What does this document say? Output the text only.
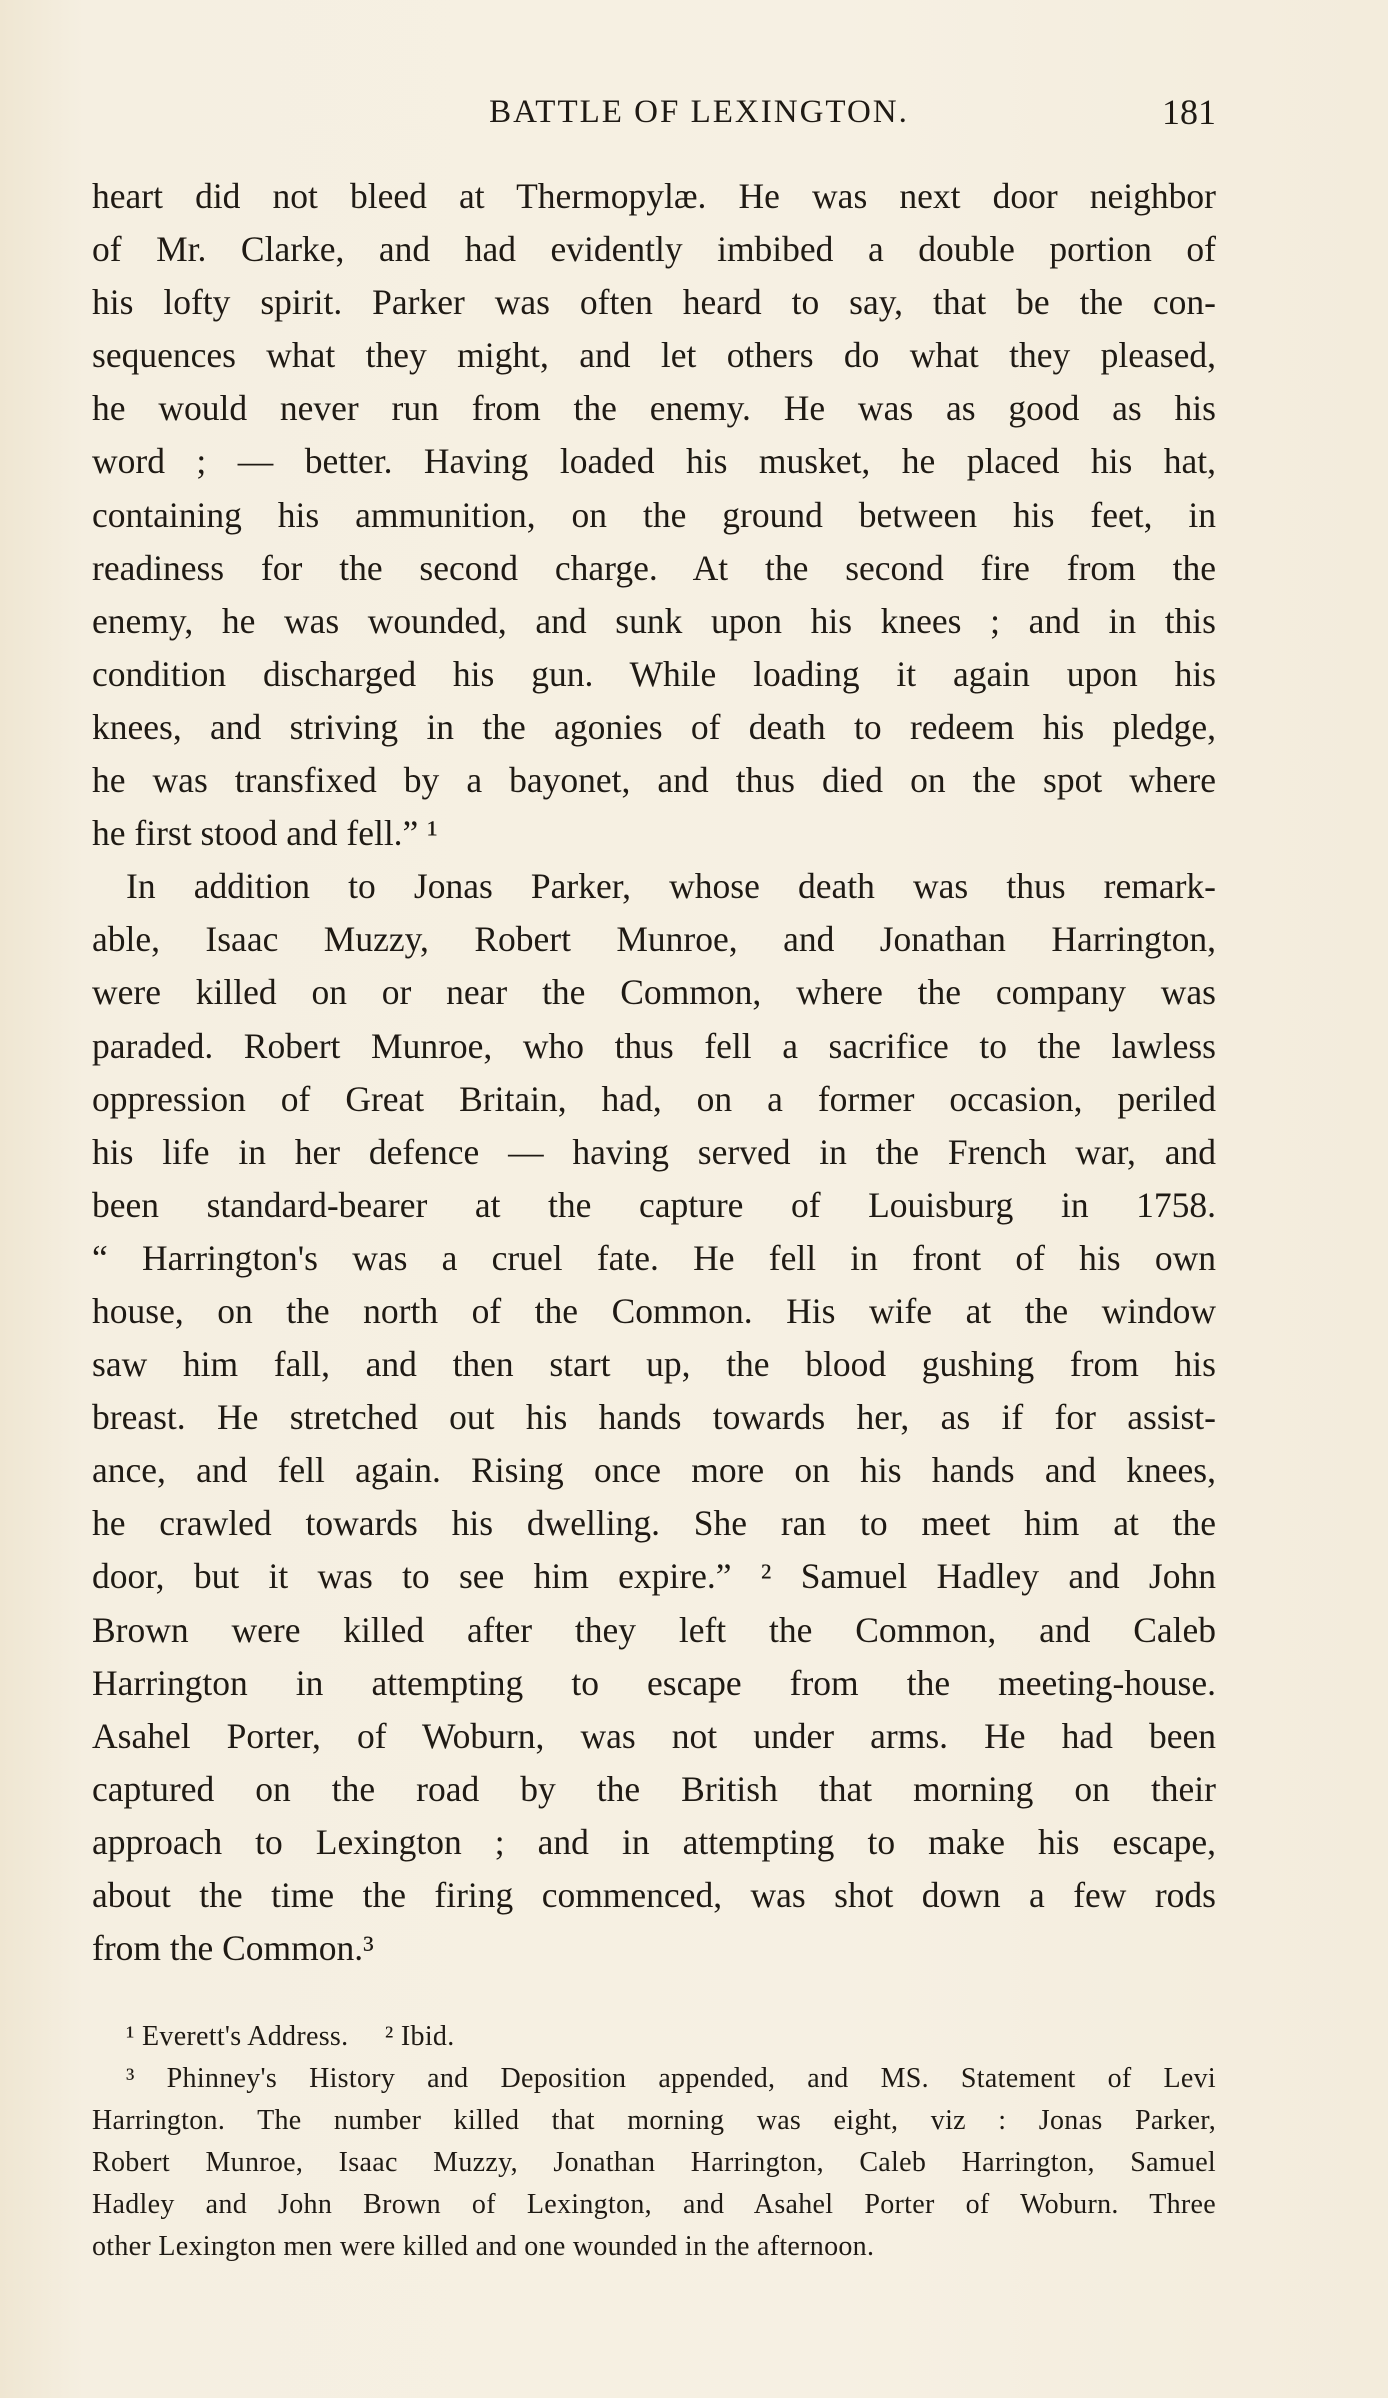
BATTLE OF LEXINGTON.	181
heart did not bleed at Thermopylæ. He was next door neighbor
of Mr. Clarke, and had evidently imbibed a double portion of
his lofty spirit. Parker was often heard to say, that be the con-
sequences what they might, and let others do what they pleased,
he would never run from the enemy. He was as good as his
word ; — better. Having loaded his musket, he placed his hat,
containing his ammunition, on the ground between his feet, in
readiness for the second charge. At the second fire from the
enemy, he was wounded, and sunk upon his knees ; and in this
condition discharged his gun. While loading it again upon his
knees, and striving in the agonies of death to redeem his pledge,
he was transfixed by a bayonet, and thus died on the spot where
he first stood and fell.” ¹
In addition to Jonas Parker, whose death was thus remark-
able, Isaac Muzzy, Robert Munroe, and Jonathan Harrington,
were killed on or near the Common, where the company was
paraded. Robert Munroe, who thus fell a sacrifice to the lawless
oppression of Great Britain, had, on a former occasion, periled
his life in her defence — having served in the French war, and
been standard-bearer at the capture of Louisburg in 1758.
“ Harrington's was a cruel fate. He fell in front of his own
house, on the north of the Common. His wife at the window
saw him fall, and then start up, the blood gushing from his
breast. He stretched out his hands towards her, as if for assist-
ance, and fell again. Rising once more on his hands and knees,
he crawled towards his dwelling. She ran to meet him at the
door, but it was to see him expire.” ² Samuel Hadley and John
Brown were killed after they left the Common, and Caleb
Harrington in attempting to escape from the meeting-house.
Asahel Porter, of Woburn, was not under arms. He had been
captured on the road by the British that morning on their
approach to Lexington ; and in attempting to make his escape,
about the time the firing commenced, was shot down a few rods
from the Common.³
¹ Everett's Address.     ² Ibid.
³ Phinney's History and Deposition appended, and MS. Statement of Levi
Harrington. The number killed that morning was eight, viz : Jonas Parker,
Robert Munroe, Isaac Muzzy, Jonathan Harrington, Caleb Harrington, Samuel
Hadley and John Brown of Lexington, and Asahel Porter of Woburn. Three
other Lexington men were killed and one wounded in the afternoon.
